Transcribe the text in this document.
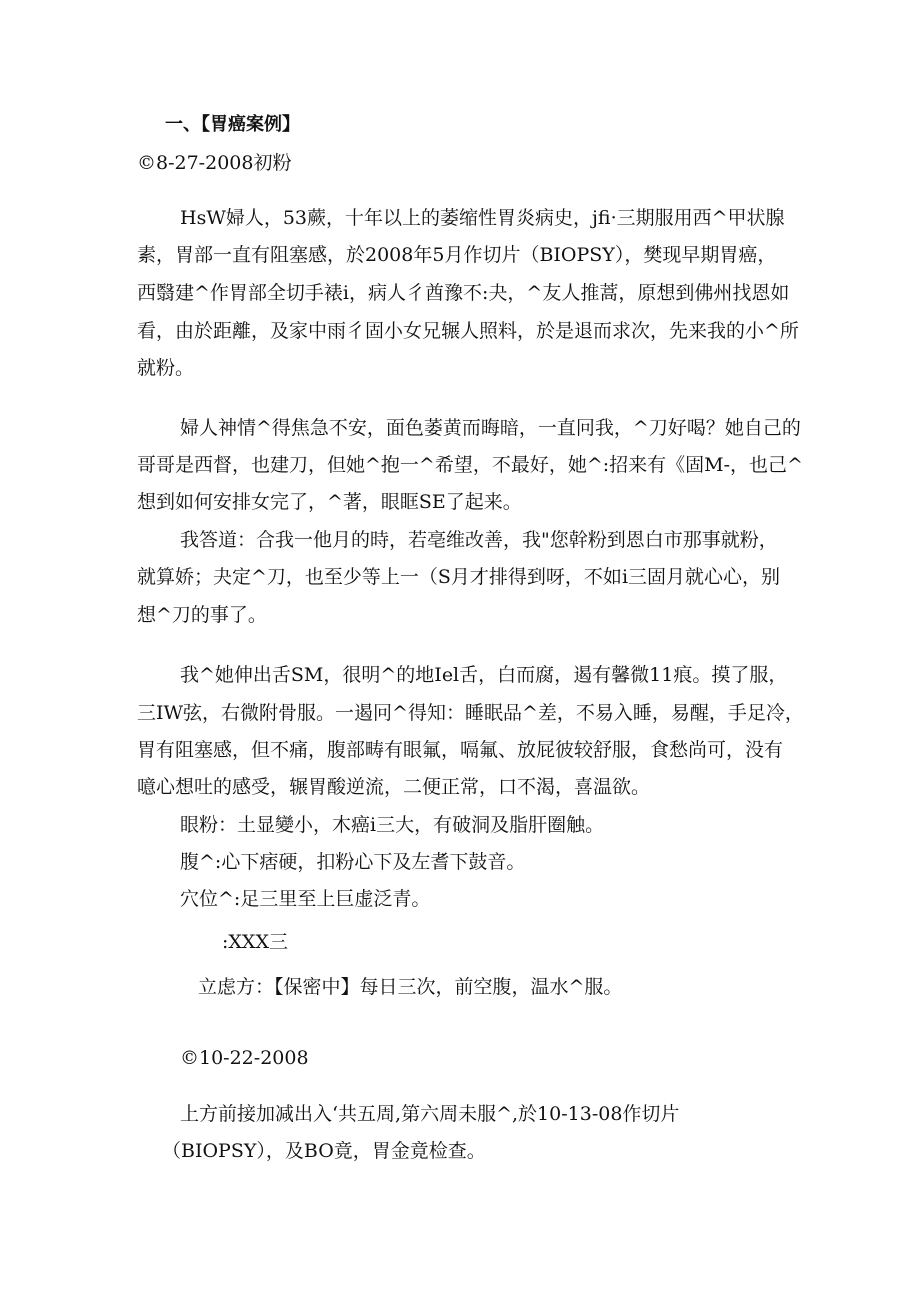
一、【胃癌案例】

©8-27-2008初粉

HsW婦人，53蕨，十年以上的萎缩性胃炎病史，jfi·三期服用西^甲状腺

素，胃部一直有阻塞感，於2008年5月作切片（BIOPSY），樊现早期胃癌，

西翳建^作胃部全切手裱i，病人彳酋豫不:夬，^友人推蒿，原想到佛州找恩如

看，由於距離，及家中雨彳固小女兄辗人照料，於是退而求次，先来我的小^所

就粉。

婦人神情^得焦急不安，面色萎黄而晦暗，一直冋我，^刀好喝？她自己的

哥哥是西督，也建刀，但她^抱一^希望，不最好，她^:招来有《固M-，也己^

想到如何安排女完了，^著，眼眶SE了起来。

我答道：合我一他月的時，若亳维改善，我"您幹粉到恩白市那事就粉，

就算娇；夬定^刀，也至少等上一（S月才排得到呀，不如i三固月就心心，别

想^刀的事了。

我^她伸出舌SM，很明^的地Iel舌，白而腐，遏有馨微11痕。摸了服，

三IW弦，右微附骨服。一遏冋^得知：睡眠品^差，不易入睡，易醒，手足冷，

胃有阻塞感，但不痛，腹部畴有眼氟，嗝氟、放屁彼较舒服，食愁尚可，没有

噫心想吐的感受，辗胃酸逆流，二便正常，口不渴，喜温欲。

眼粉：土显變小，木癌i三大，有破洞及脂肝圈触。

腹^:心下痞硬，扣粉心下及左耆下鼓音。

穴位^:足三里至上巨虚泛青。

:XXX三

立虑方：【保密中】每日三次，前空腹，温水^服。

©10-22-2008

上方前接加减出入‘共五周,第六周未服^,於10-13-08作切片

（BIOPSY），及BO竟，胃金竟检查。
